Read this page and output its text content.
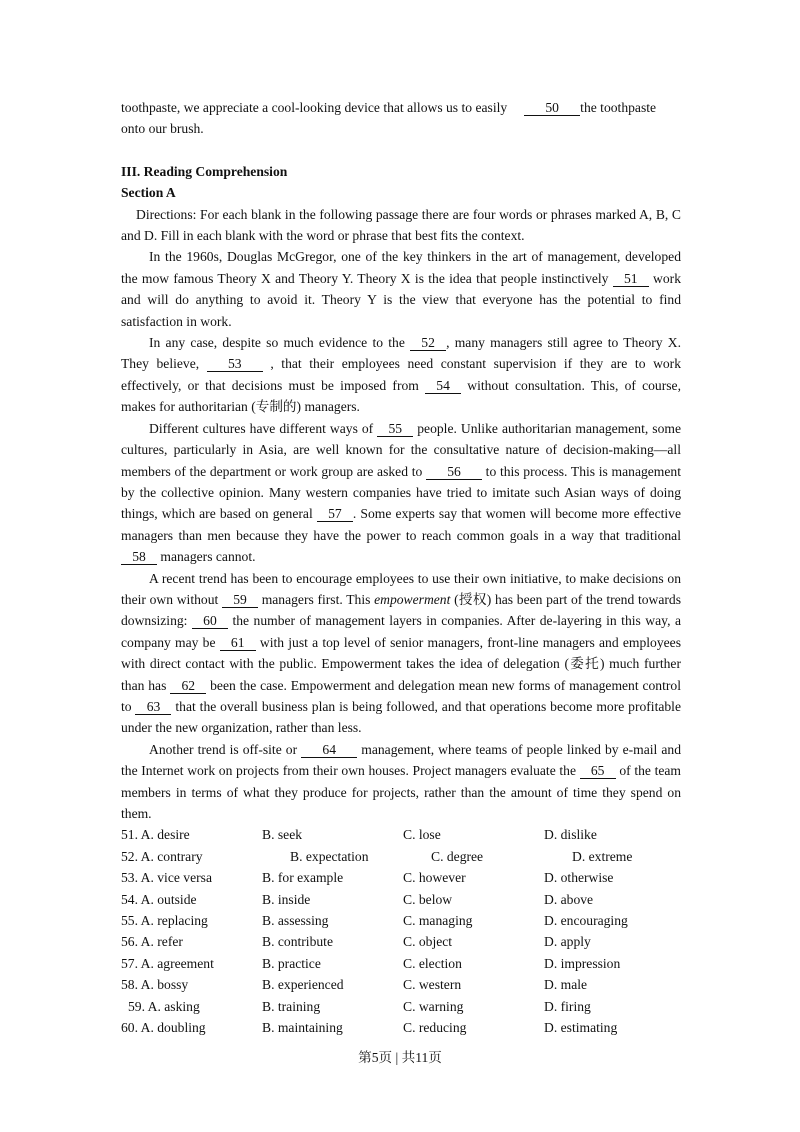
toothpaste, we appreciate a cool-looking device that allows us to easily	50 the toothpaste
onto our brush.

III. Reading Comprehension

Section A

Directions: For each blank in the following passage there are four words or phrases marked A, B, C and D. Fill in each blank with the word or phrase that best fits the context.

In the 1960s, Douglas McGregor, one of the key thinkers in the art of management, developed the mow famous Theory X and Theory Y. Theory X is the idea that people instinctively 51 work and will do anything to avoid it. Theory Y is the view that everyone has the potential to find satisfaction in work.

In any case, despite so much evidence to the 52 , many managers still agree to Theory X. They believe, 53 , that their employees need constant supervision if they are to work effectively, or that decisions must be imposed from 54 without consultation. This, of course, makes for authoritarian (专制的) managers.

Different cultures have different ways of 55 people. Unlike authoritarian management, some cultures, particularly in Asia, are well known for the consultative nature of decision-making—all members of the department or work group are asked to 56 to this process. This is management by the collective opinion. Many western companies have tried to imitate such Asian ways of doing things, which are based on general 57 . Some experts say that women will become more effective managers than men because they have the power to reach common goals in a way that traditional 58 managers cannot.

A recent trend has been to encourage employees to use their own initiative, to make decisions on their own without 59 managers first. This empowerment (授权) has been part of the trend towards downsizing: 60 the number of management layers in companies. After de-layering in this way, a company may be 61 with just a top level of senior managers, front-line managers and employees with direct contact with the public. Empowerment takes the idea of delegation (委托) much further than has 62 been the case. Empowerment and delegation mean new forms of management control to 63 that the overall business plan is being followed, and that operations become more profitable under the new organization, rather than less.

Another trend is off-site or 64 management, where teams of people linked by e-mail and the Internet work on projects from their own houses. Project managers evaluate the 65 of the team members in terms of what they produce for projects, rather than the amount of time they spend on them.

51. A. desire	B. seek	C. lose	D. dislike
52. A. contrary	B. expectation	C. degree	D. extreme
53. A. vice versa	B. for example	C. however	D. otherwise
54. A. outside	B. inside	C. below	D. above
55. A. replacing	B. assessing	C. managing	D. encouraging
56. A. refer	B. contribute	C. object	D. apply
57. A. agreement	B. practice	C. election	D. impression
58. A. bossy	B. experienced	C. western	D. male
59. A. asking	B. training	C. warning	D. firing
60. A. doubling	B. maintaining	C. reducing	D. estimating
第5页 | 共11页
